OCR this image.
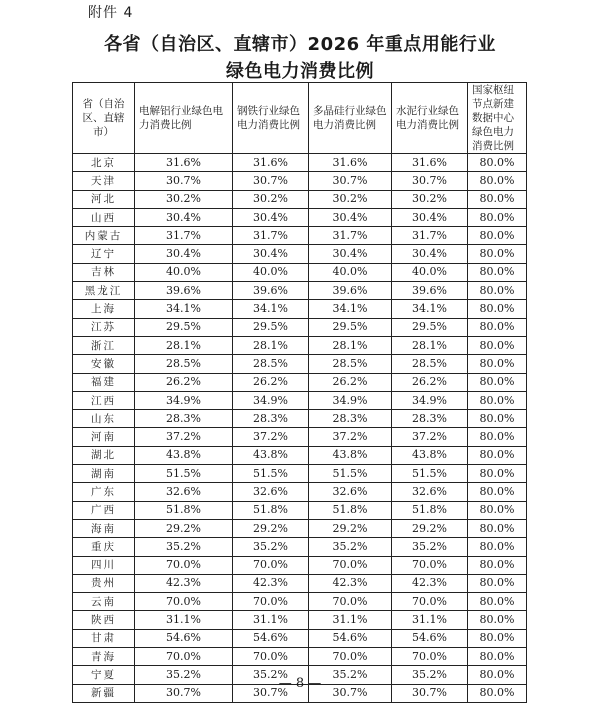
附件 4
各省（自治区、直辖市）2026 年重点用能行业
绿色电力消费比例
省（自治区、直辖市）	电解铝行业绿色电力消费比例	钢铁行业绿色电力消费比例	多晶硅行业绿色电力消费比例	水泥行业绿色电力消费比例	国家枢纽节点新建数据中心绿色电力消费比例
北京	31.6%	31.6%	31.6%	31.6%	80.0%
天津	30.7%	30.7%	30.7%	30.7%	80.0%
河北	30.2%	30.2%	30.2%	30.2%	80.0%
山西	30.4%	30.4%	30.4%	30.4%	80.0%
内蒙古	31.7%	31.7%	31.7%	31.7%	80.0%
辽宁	30.4%	30.4%	30.4%	30.4%	80.0%
吉林	40.0%	40.0%	40.0%	40.0%	80.0%
黑龙江	39.6%	39.6%	39.6%	39.6%	80.0%
上海	34.1%	34.1%	34.1%	34.1%	80.0%
江苏	29.5%	29.5%	29.5%	29.5%	80.0%
浙江	28.1%	28.1%	28.1%	28.1%	80.0%
安徽	28.5%	28.5%	28.5%	28.5%	80.0%
福建	26.2%	26.2%	26.2%	26.2%	80.0%
江西	34.9%	34.9%	34.9%	34.9%	80.0%
山东	28.3%	28.3%	28.3%	28.3%	80.0%
河南	37.2%	37.2%	37.2%	37.2%	80.0%
湖北	43.8%	43.8%	43.8%	43.8%	80.0%
湖南	51.5%	51.5%	51.5%	51.5%	80.0%
广东	32.6%	32.6%	32.6%	32.6%	80.0%
广西	51.8%	51.8%	51.8%	51.8%	80.0%
海南	29.2%	29.2%	29.2%	29.2%	80.0%
重庆	35.2%	35.2%	35.2%	35.2%	80.0%
四川	70.0%	70.0%	70.0%	70.0%	80.0%
贵州	42.3%	42.3%	42.3%	42.3%	80.0%
云南	70.0%	70.0%	70.0%	70.0%	80.0%
陕西	31.1%	31.1%	31.1%	31.1%	80.0%
甘肃	54.6%	54.6%	54.6%	54.6%	80.0%
青海	70.0%	70.0%	70.0%	70.0%	80.0%
宁夏	35.2%	35.2%	35.2%	35.2%	80.0%
新疆	30.7%	30.7%	30.7%	30.7%	80.0%
— 8 —
